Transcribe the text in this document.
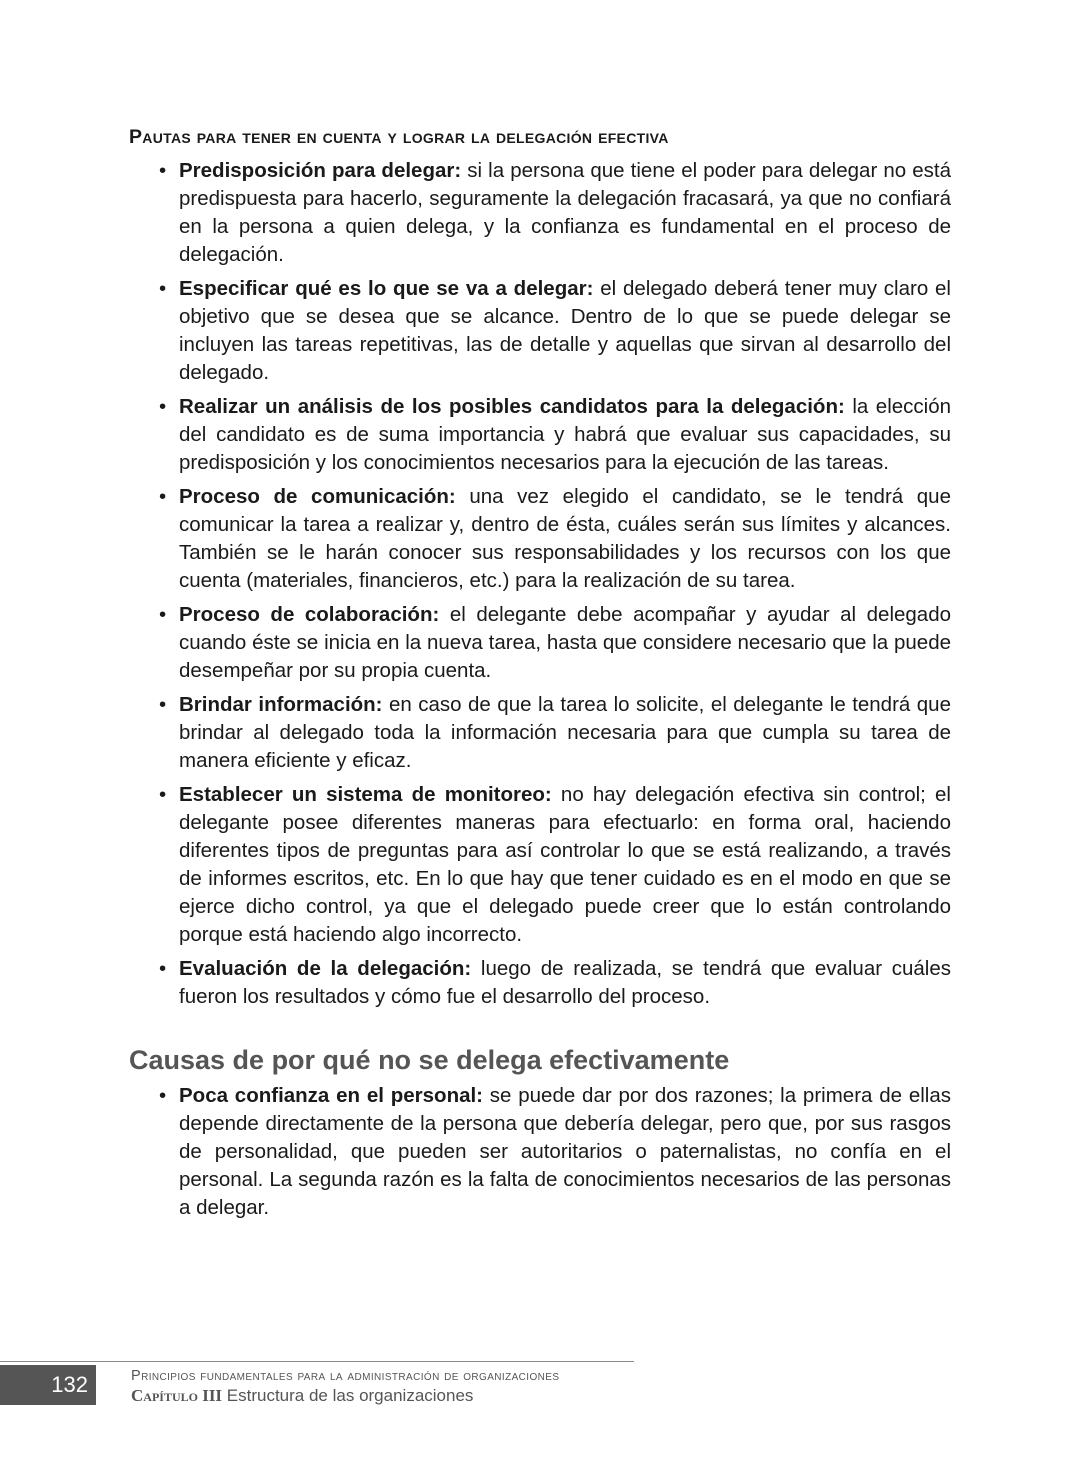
Pautas para tener en cuenta y lograr la delegación efectiva
• Predisposición para delegar: si la persona que tiene el poder para delegar no está predispuesta para hacerlo, seguramente la delegación fracasará, ya que no confiará en la persona a quien delega, y la confianza es fundamental en el proceso de delegación.
• Especificar qué es lo que se va a delegar: el delegado deberá tener muy claro el objetivo que se desea que se alcance. Dentro de lo que se puede delegar se incluyen las tareas repetitivas, las de detalle y aquellas que sirvan al desarrollo del delegado.
• Realizar un análisis de los posibles candidatos para la delegación: la elección del candidato es de suma importancia y habrá que evaluar sus capacidades, su predisposición y los conocimientos necesarios para la ejecución de las tareas.
• Proceso de comunicación: una vez elegido el candidato, se le tendrá que comunicar la tarea a realizar y, dentro de ésta, cuáles serán sus límites y alcances. También se le harán conocer sus responsabilidades y los recursos con los que cuenta (materiales, financieros, etc.) para la realización de su tarea.
• Proceso de colaboración: el delegante debe acompañar y ayudar al delegado cuando éste se inicia en la nueva tarea, hasta que considere necesario que la puede desempeñar por su propia cuenta.
• Brindar información: en caso de que la tarea lo solicite, el delegante le tendrá que brindar al delegado toda la información necesaria para que cumpla su tarea de manera eficiente y eficaz.
• Establecer un sistema de monitoreo: no hay delegación efectiva sin control; el delegante posee diferentes maneras para efectuarlo: en forma oral, haciendo diferentes tipos de preguntas para así controlar lo que se está realizando, a través de informes escritos, etc. En lo que hay que tener cuidado es en el modo en que se ejerce dicho control, ya que el delegado puede creer que lo están controlando porque está haciendo algo incorrecto.
• Evaluación de la delegación: luego de realizada, se tendrá que evaluar cuáles fueron los resultados y cómo fue el desarrollo del proceso.
Causas de por qué no se delega efectivamente
• Poca confianza en el personal: se puede dar por dos razones; la primera de ellas depende directamente de la persona que debería delegar, pero que, por sus rasgos de personalidad, que pueden ser autoritarios o paternalistas, no confía en el personal. La segunda razón es la falta de conocimientos necesarios de las personas a delegar.
132	Principios fundamentales para la administración de organizaciones
Capítulo III Estructura de las organizaciones
